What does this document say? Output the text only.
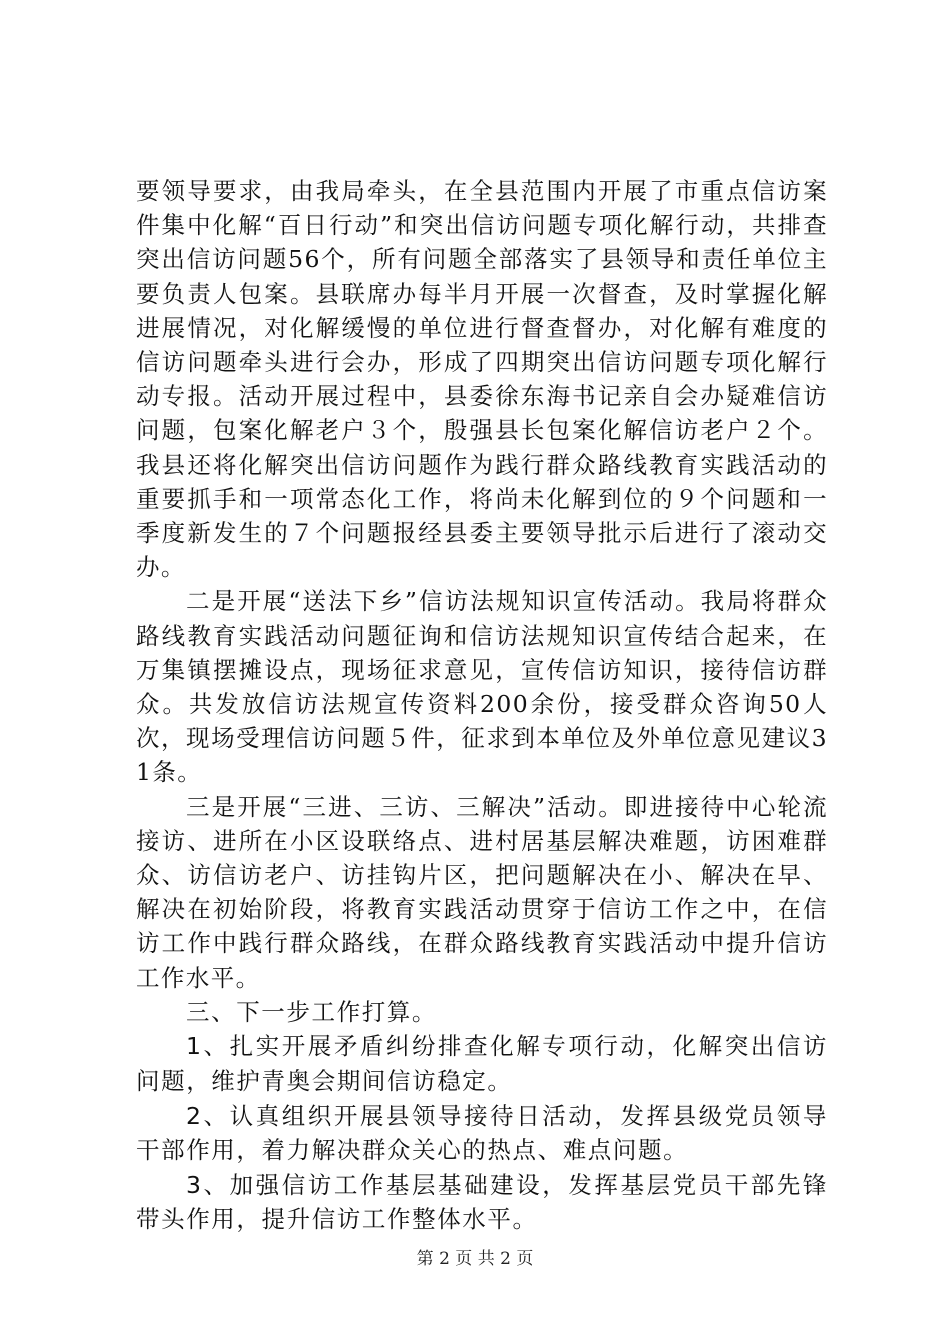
要领导要求，由我局牵头，在全县范围内开展了市重点信访案件集中化解“百日行动”和突出信访问题专项化解行动，共排查突出信访问题56个，所有问题全部落实了县领导和责任单位主要负责人包案。县联席办每半月开展一次督查，及时掌握化解进展情况，对化解缓慢的单位进行督查督办，对化解有难度的信访问题牵头进行会办，形成了四期突出信访问题专项化解行动专报。活动开展过程中，县委徐东海书记亲自会办疑难信访问题，包案化解老户３个，殷强县长包案化解信访老户２个。我县还将化解突出信访问题作为践行群众路线教育实践活动的重要抓手和一项常态化工作，将尚未化解到位的９个问题和一季度新发生的７个问题报经县委主要领导批示后进行了滚动交办。

二是开展“送法下乡”信访法规知识宣传活动。我局将群众路线教育实践活动问题征询和信访法规知识宣传结合起来，在万集镇摆摊设点，现场征求意见，宣传信访知识，接待信访群众。共发放信访法规宣传资料200余份，接受群众咨询50人次，现场受理信访问题５件，征求到本单位及外单位意见建议31条。

三是开展“三进、三访、三解决”活动。即进接待中心轮流接访、进所在小区设联络点、进村居基层解决难题，访困难群众、访信访老户、访挂钩片区，把问题解决在小、解决在早、解决在初始阶段，将教育实践活动贯穿于信访工作之中，在信访工作中践行群众路线，在群众路线教育实践活动中提升信访工作水平。

三、下一步工作打算。

1、扎实开展矛盾纠纷排查化解专项行动，化解突出信访问题，维护青奥会期间信访稳定。

2、认真组织开展县领导接待日活动，发挥县级党员领导干部作用，着力解决群众关心的热点、难点问题。

3、加强信访工作基层基础建设，发挥基层党员干部先锋带头作用，提升信访工作整体水平。

第 2 页 共 2 页
